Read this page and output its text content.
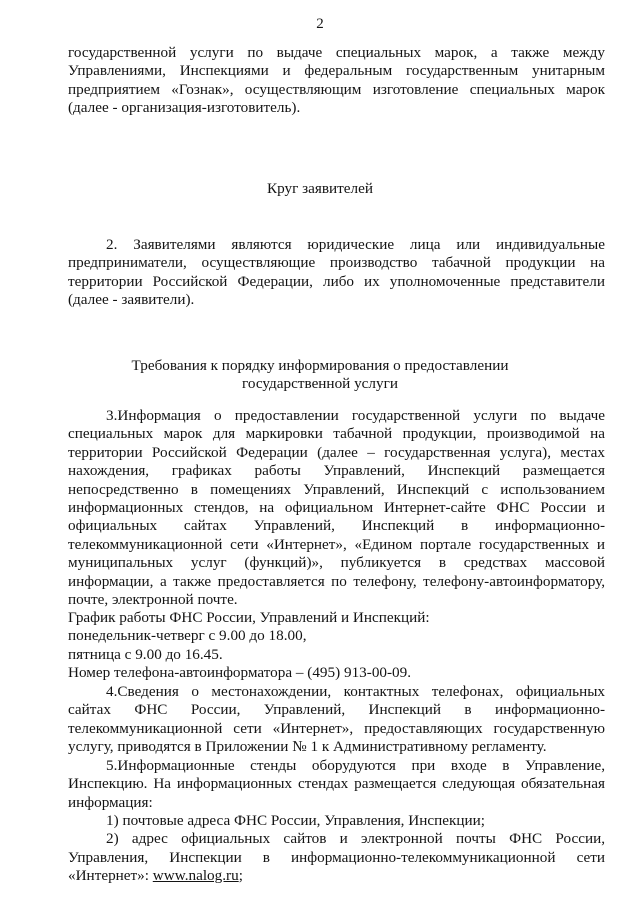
2
государственной услуги по выдаче специальных марок, а также между
Управлениями, Инспекциями и федеральным государственным унитарным
предприятием «Гознак», осуществляющим изготовление специальных марок
(далее - организация-изготовитель).
Круг заявителей
2. Заявителями являются юридические лица или индивидуальные
предприниматели, осуществляющие производство табачной продукции на
территории Российской Федерации, либо их уполномоченные представители
(далее - заявители).
Требования к порядку информирования о предоставлении
государственной услуги
3.Информация о предоставлении государственной услуги по выдаче
специальных марок для маркировки табачной продукции, производимой на
территории Российской Федерации (далее – государственная услуга), местах
нахождения, графиках работы Управлений, Инспекций размещается
непосредственно в помещениях Управлений, Инспекций с использованием
информационных стендов, на официальном Интернет-сайте ФНС России и
официальных сайтах Управлений, Инспекций в информационно-
телекоммуникационной сети «Интернет», «Едином портале государственных и
муниципальных услуг (функций)», публикуется в средствах массовой
информации, а также предоставляется по телефону, телефону-автоинформатору,
почте, электронной почте.
График работы ФНС России, Управлений и Инспекций:
понедельник-четверг с 9.00 до 18.00,
пятница с 9.00 до 16.45.
Номер телефона-автоинформатора – (495) 913-00-09.
4.Сведения о местонахождении, контактных телефонах, официальных
сайтах ФНС России, Управлений, Инспекций в информационно-
телекоммуникационной сети «Интернет», предоставляющих государственную
услугу, приводятся в Приложении № 1 к Административному регламенту.
5.Информационные стенды оборудуются при входе в Управление,
Инспекцию. На информационных стендах размещается следующая обязательная
информация:
1) почтовые адреса ФНС России, Управления, Инспекции;
2) адрес официальных сайтов и электронной почты ФНС России,
Управления, Инспекции в информационно-телекоммуникационной сети
«Интернет»: www.nalog.ru;
